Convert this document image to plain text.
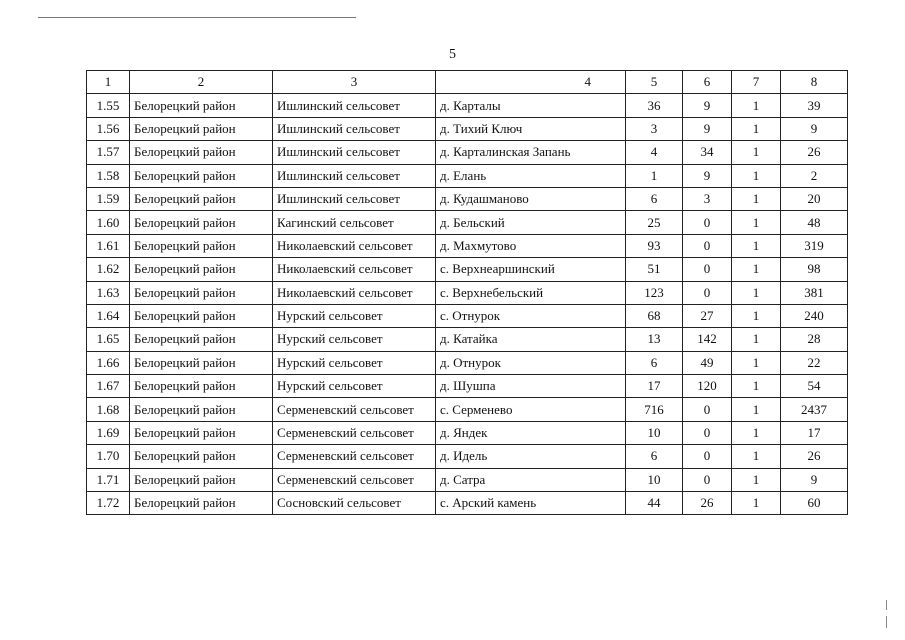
5
1	2	3	4	5	6	7	8
1.55	Белорецкий район	Ишлинский сельсовет	д. Карталы	36	9	1	39
1.56	Белорецкий район	Ишлинский сельсовет	д. Тихий Ключ	3	9	1	9
1.57	Белорецкий район	Ишлинский сельсовет	д. Карталинская Запань	4	34	1	26
1.58	Белорецкий район	Ишлинский сельсовет	д. Елань	1	9	1	2
1.59	Белорецкий район	Ишлинский сельсовет	д. Кудашманово	6	3	1	20
1.60	Белорецкий район	Кагинский сельсовет	д. Бельский	25	0	1	48
1.61	Белорецкий район	Николаевский сельсовет	д. Махмутово	93	0	1	319
1.62	Белорецкий район	Николаевский сельсовет	с. Верхнеаршинский	51	0	1	98
1.63	Белорецкий район	Николаевский сельсовет	с. Верхнебельский	123	0	1	381
1.64	Белорецкий район	Нурский сельсовет	с. Отнурок	68	27	1	240
1.65	Белорецкий район	Нурский сельсовет	д. Катайка	13	142	1	28
1.66	Белорецкий район	Нурский сельсовет	д. Отнурок	6	49	1	22
1.67	Белорецкий район	Нурский сельсовет	д. Шушпа	17	120	1	54
1.68	Белорецкий район	Серменевский сельсовет	с. Серменево	716	0	1	2437
1.69	Белорецкий район	Серменевский сельсовет	д. Яндек	10	0	1	17
1.70	Белорецкий район	Серменевский сельсовет	д. Идель	6	0	1	26
1.71	Белорецкий район	Серменевский сельсовет	д. Сатра	10	0	1	9
1.72	Белорецкий район	Сосновский сельсовет	с. Арский камень	44	26	1	60
